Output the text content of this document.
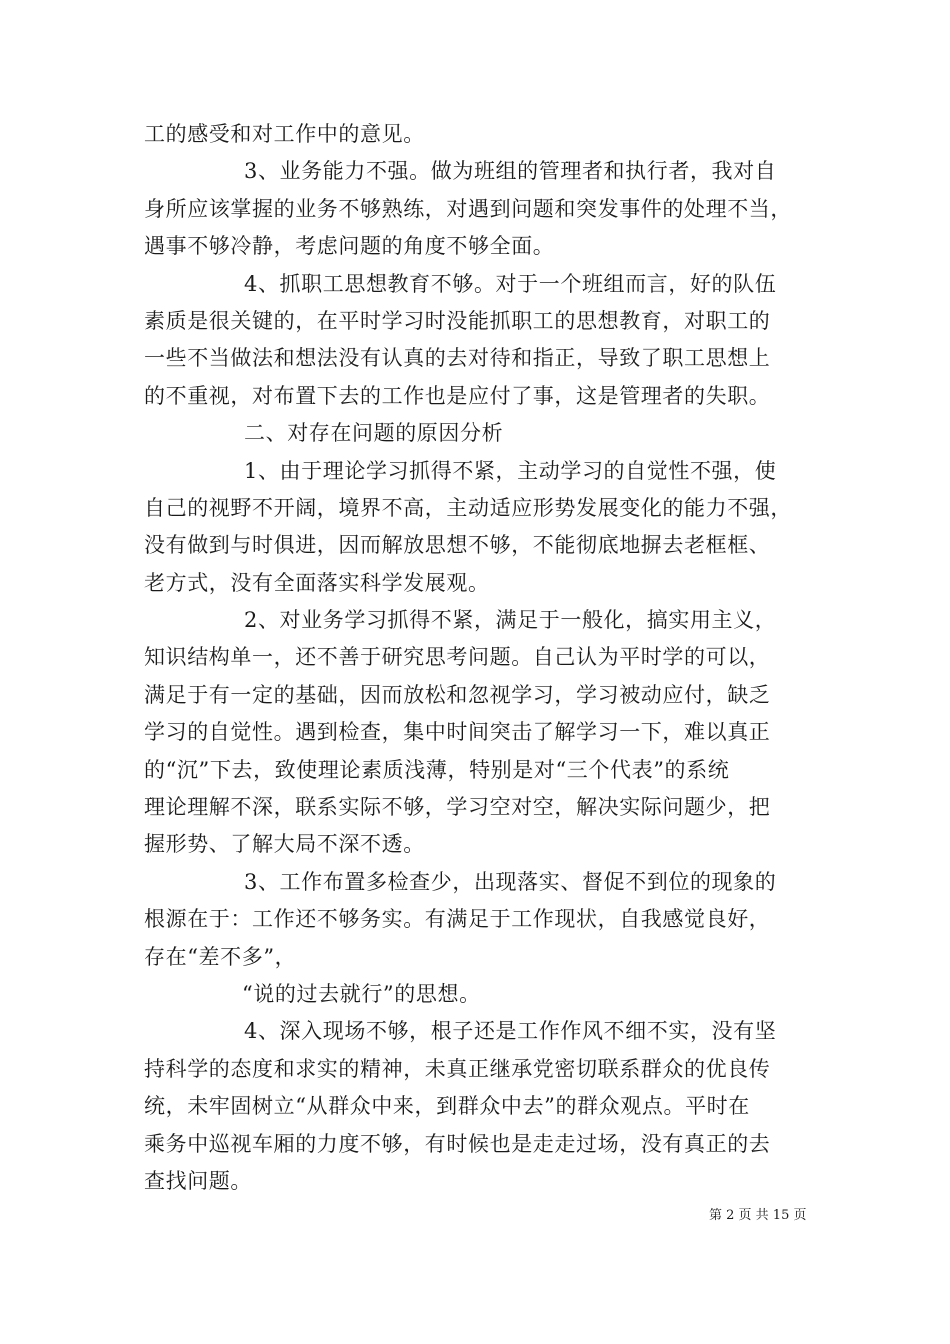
工的感受和对工作中的意见。
3、业务能力不强。做为班组的管理者和执行者，我对自
身所应该掌握的业务不够熟练，对遇到问题和突发事件的处理不当，
遇事不够冷静，考虑问题的角度不够全面。
4、抓职工思想教育不够。对于一个班组而言，好的队伍
素质是很关键的，在平时学习时没能抓职工的思想教育，对职工的
一些不当做法和想法没有认真的去对待和指正，导致了职工思想上
的不重视，对布置下去的工作也是应付了事，这是管理者的失职。
二、对存在问题的原因分析
1、由于理论学习抓得不紧，主动学习的自觉性不强，使
自己的视野不开阔，境界不高，主动适应形势发展变化的能力不强，
没有做到与时俱进，因而解放思想不够，不能彻底地摒去老框框、
老方式，没有全面落实科学发展观。
2、对业务学习抓得不紧，满足于一般化，搞实用主义，
知识结构单一，还不善于研究思考问题。自己认为平时学的可以，
满足于有一定的基础，因而放松和忽视学习，学习被动应付，缺乏
学习的自觉性。遇到检查，集中时间突击了解学习一下，难以真正
的“沉”下去，致使理论素质浅薄，特别是对“三个代表”的系统
理论理解不深，联系实际不够，学习空对空，解决实际问题少，把
握形势、了解大局不深不透。
3、工作布置多检查少，出现落实、督促不到位的现象的
根源在于：工作还不够务实。有满足于工作现状，自我感觉良好，
存在“差不多”，
“说的过去就行”的思想。
4、深入现场不够，根子还是工作作风不细不实，没有坚
持科学的态度和求实的精神，未真正继承党密切联系群众的优良传
统，未牢固树立“从群众中来，到群众中去”的群众观点。平时在
乘务中巡视车厢的力度不够，有时候也是走走过场，没有真正的去
查找问题。
第 2 页 共 15 页
